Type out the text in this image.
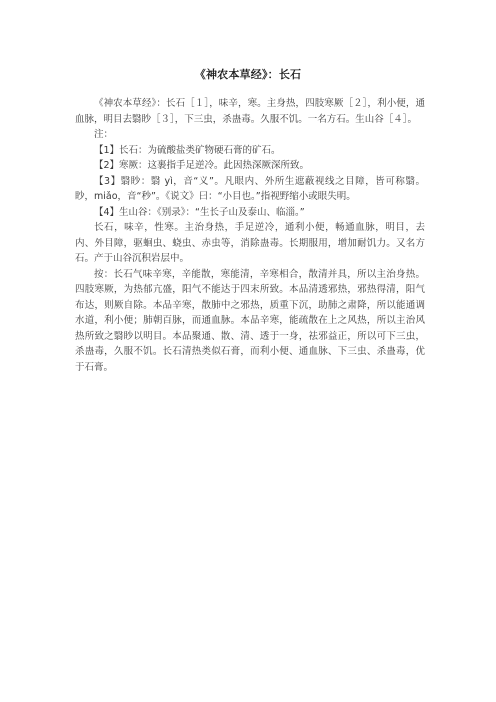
《神农本草经》：长石

《神农本草经》：长石［１］，味辛，寒。主身热，四肢寒厥［２］，利小便，通血脉，明目去翳眇［３］，下三虫，杀蛊毒。久服不饥。一名方石。生山谷［４］。

注：

【1】长石：为硫酸盐类矿物硬石膏的矿石。

【2】寒厥：这裹指手足逆冷。此因热深厥深所致。

【3】翳眇：翳 yì，音“义”。凡眼内、外所生遮蔽视线之目障，皆可称翳。眇，miǎo，音“秒”。《说文》曰：“小目也。”指视野缩小或眼失明。

【4】生山谷：《别录》：“生长子山及泰山、临淄。”

长石，味辛，性寒。主治身热，手足逆冷，通利小便，畅通血脉，明目，去内、外目障，驱蛔虫、蛲虫、赤虫等，消除蛊毒。长期服用，增加耐饥力。又名方石。产于山谷沉积岩层中。

按：长石气味辛寒，辛能散，寒能清，辛寒相合，散清并具，所以主治身热。四肢寒厥，为热郁亢盛，阳气不能达于四末所致。本品清透邪热，邪热得清，阳气布达，则厥自除。本品辛寒，散肺中之邪热，质重下沉，助肺之肃降，所以能通调水道，利小便；肺朝百脉，而通血脉。本品辛寒，能疏散在上之风热，所以主治风热所致之翳眇以明目。本品聚通、散、清、透于一身，祛邪益正，所以可下三虫，杀蛊毒，久服不饥。长石清热类似石膏，而利小便、通血脉、下三虫、杀蛊毒，优于石膏。
